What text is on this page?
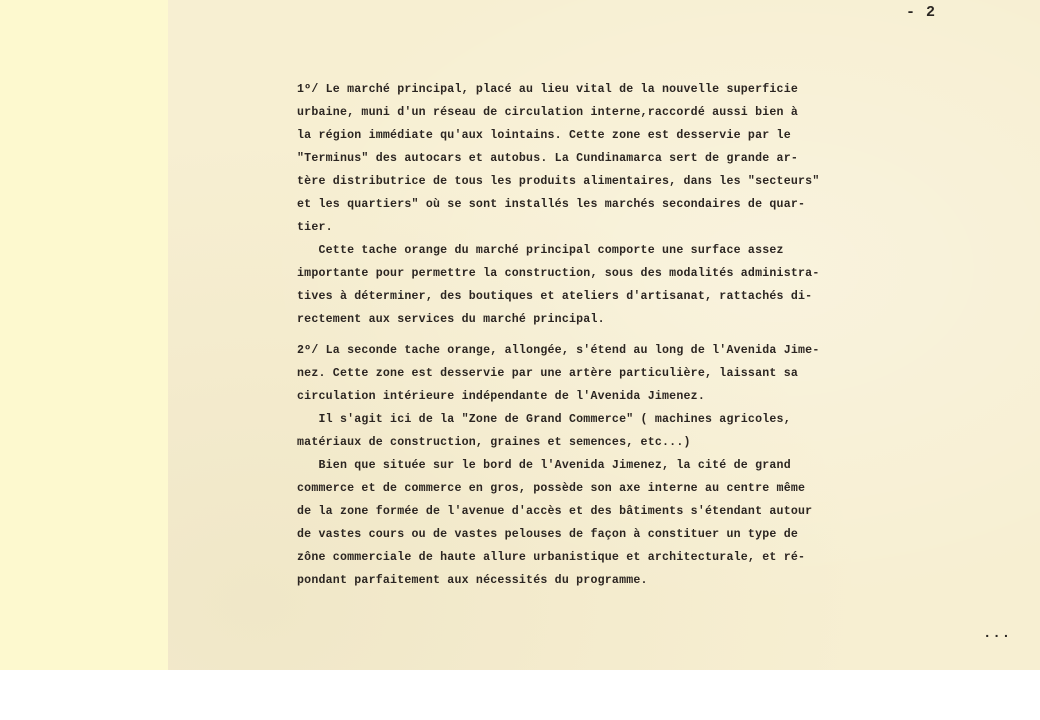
- 2
1º/ Le marché principal, placé au lieu vital de la nouvelle superficie
urbaine, muni d'un réseau de circulation interne,raccordé aussi bien à
la région immédiate qu'aux lointains. Cette zone est desservie par le
"Terminus" des autocars et autobus. La Cundinamarca sert de grande ar-
tère distributrice de tous les produits alimentaires, dans les "secteurs"
et les quartiers" où se sont installés les marchés secondaires de quar-
tier.
Cette tache orange du marché principal comporte une surface assez
importante pour permettre la construction, sous des modalités administra-
tives à déterminer, des boutiques et ateliers d'artisanat, rattachés di-
rectement aux services du marché principal.
2º/ La seconde tache orange, allongée, s'étend au long de l'Avenida Jime-
nez. Cette zone est desservie par une artère particulière, laissant sa
circulation intérieure indépendante de l'Avenida Jimenez.
Il s'agit ici de la "Zone de Grand Commerce" ( machines agricoles,
matériaux de construction, graines et semences, etc...)
Bien que située sur le bord de l'Avenida Jimenez, la cité de grand
commerce et de commerce en gros, possède son axe interne au centre même
de la zone formée de l'avenue d'accès et des bâtiments s'étendant autour
de vastes cours ou de vastes pelouses de façon à constituer un type de
zône commerciale de haute allure urbanistique et architecturale, et ré-
pondant parfaitement aux nécessités du programme.
...
